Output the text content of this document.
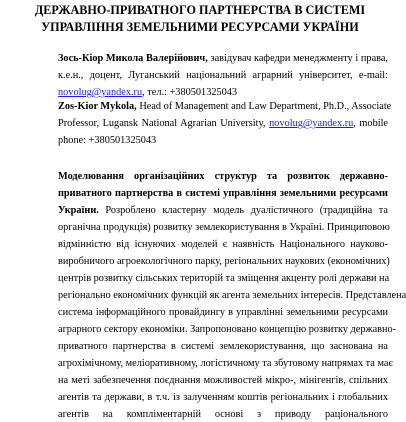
ДЕРЖАВНО-ПРИВАТНОГО ПАРТНЕРСТВА В СИСТЕМІ
УПРАВЛІННЯ ЗЕМЕЛЬНИМИ РЕСУРСАМИ УКРАЇНИ
Зось-Кіор Микола Валерійович, завідувач кафедри менеджменту і права,
к.е.н., доцент, Луганський національний аграрний університет, e-mail:
novolug@yandex.ru, тел.: +380501325043
Zos-Kior Mykola, Head of Management and Law Department, Ph.D., Associate
Professor, Lugansk National Agrarian University, novolug@yandex.ru, mobile
phone: +380501325043
Моделювання організаційних структур та розвиток державно-
приватного партнерства в системі управління земельними ресурсами
України. Розроблено кластерну модель дуалістичного (традиційна та
органічна продукція) розвитку землекористування в Україні. Принциповою
відмінністю від існуючих моделей є наявність Національного науково-
виробничого агроекологічного парку, регіональних наукових (економічних)
центрів розвитку сільських територій та зміщення акценту ролі держави на
регіонально економічних функцій як агента земельних інтересів. Представлена
система інформаційного провайдингу в управлінні земельними ресурсами
аграрного сектору економіки. Запропоновано концепцію розвитку державно-
приватного партнерства в системі землекористування, що заснована на
агрохімічному, меліоративному, логістичному та збутовому напрямах та має
на меті забезпечення поєднання можливостей мікро-, мінігенгів, спільних
агентів та держави, в т.ч. із залученням коштів регіональних і глобальних
агентів на компліментарній основі з приводу раціонального
